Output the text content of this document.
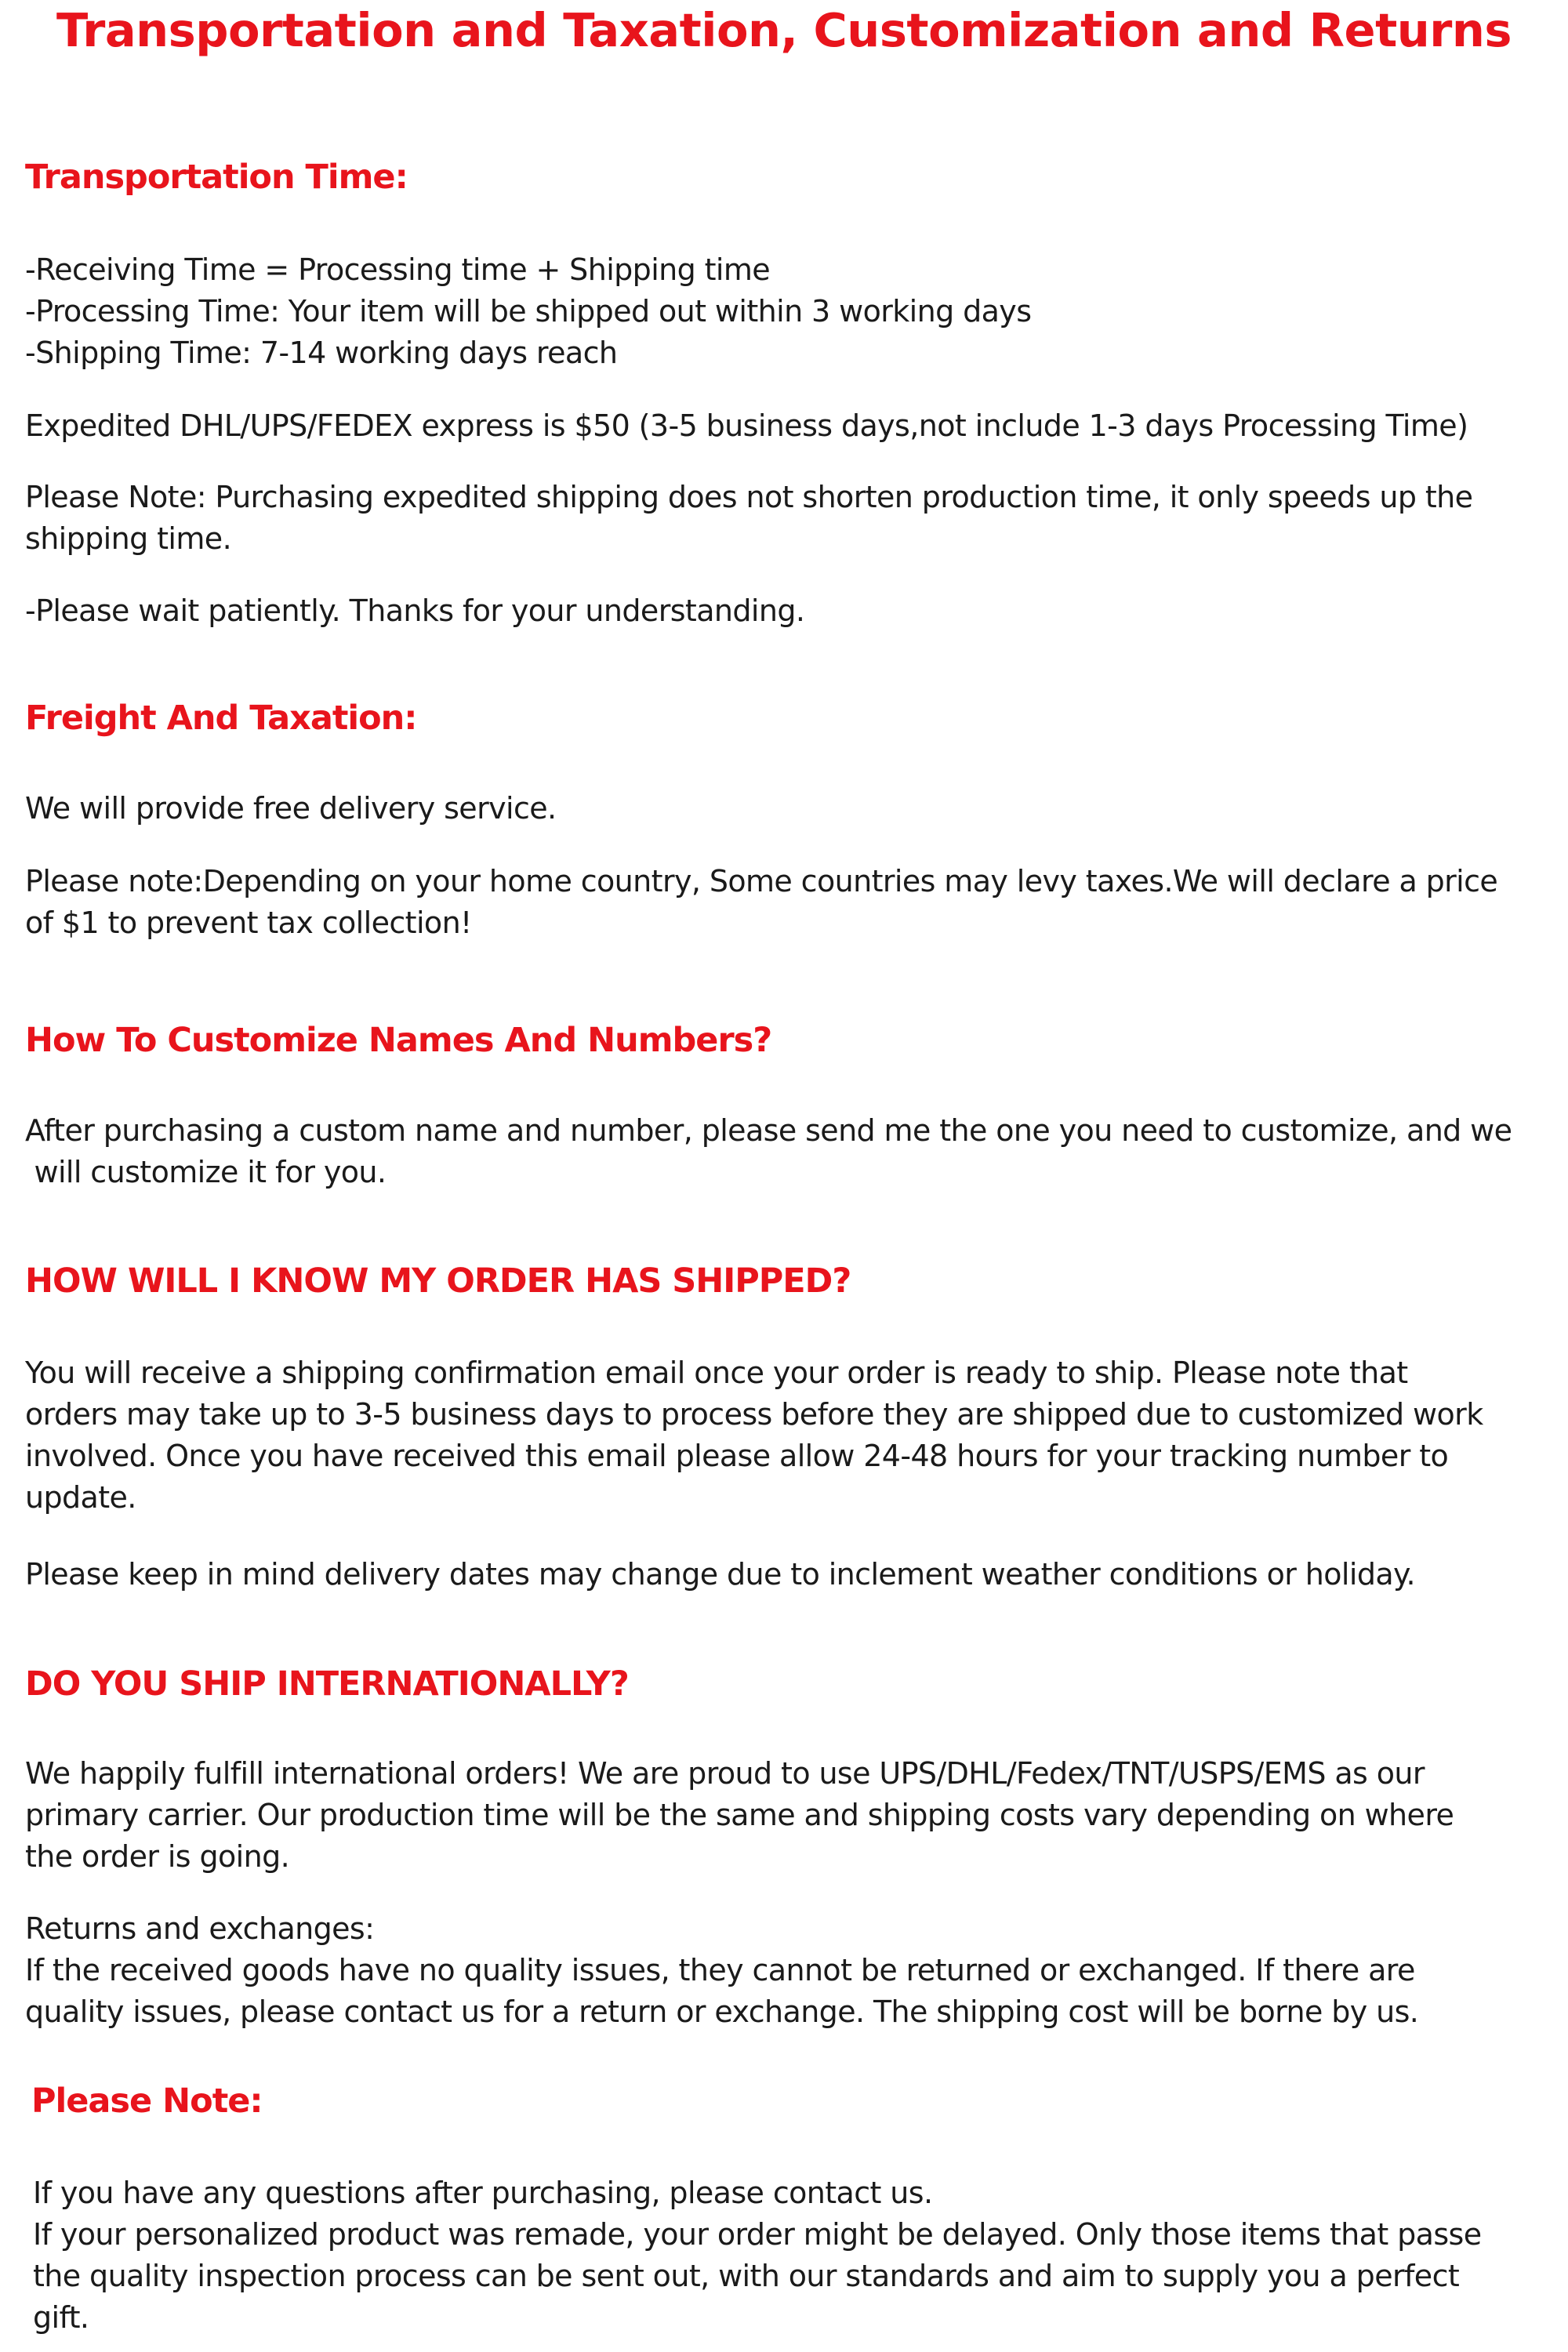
Transportation and Taxation, Customization and Returns
Transportation Time:

-Receiving Time = Processing time + Shipping time
-Processing Time: Your item will be shipped out within 3 working days
-Shipping Time: 7-14 working days reach

Expedited DHL/UPS/FEDEX express is $50 (3-5 business days,not include 1-3 days Processing Time)

Please Note: Purchasing expedited shipping does not shorten production time, it only speeds up the
shipping time.

-Please wait patiently. Thanks for your understanding.

Freight And Taxation:

We will provide free delivery service.

Please note:Depending on your home country, Some countries may levy taxes.We will declare a price
of $1 to prevent tax collection!

How To Customize Names And Numbers?

After purchasing a custom name and number, please send me the one you need to customize, and we
will customize it for you.

HOW WILL I KNOW MY ORDER HAS SHIPPED?

You will receive a shipping confirmation email once your order is ready to ship. Please note that
orders may take up to 3-5 business days to process before they are shipped due to customized work
involved. Once you have received this email please allow 24-48 hours for your tracking number to
update.

Please keep in mind delivery dates may change due to inclement weather conditions or holiday.

DO YOU SHIP INTERNATIONALLY?

We happily fulfill international orders! We are proud to use UPS/DHL/Fedex/TNT/USPS/EMS as our
primary carrier. Our production time will be the same and shipping costs vary depending on where
the order is going.

Returns and exchanges:
If the received goods have no quality issues, they cannot be returned or exchanged. If there are
quality issues, please contact us for a return or exchange. The shipping cost will be borne by us.

Please Note:

If you have any questions after purchasing, please contact us.
If your personalized product was remade, your order might be delayed. Only those items that passe
the quality inspection process can be sent out, with our standards and aim to supply you a perfect
gift.
